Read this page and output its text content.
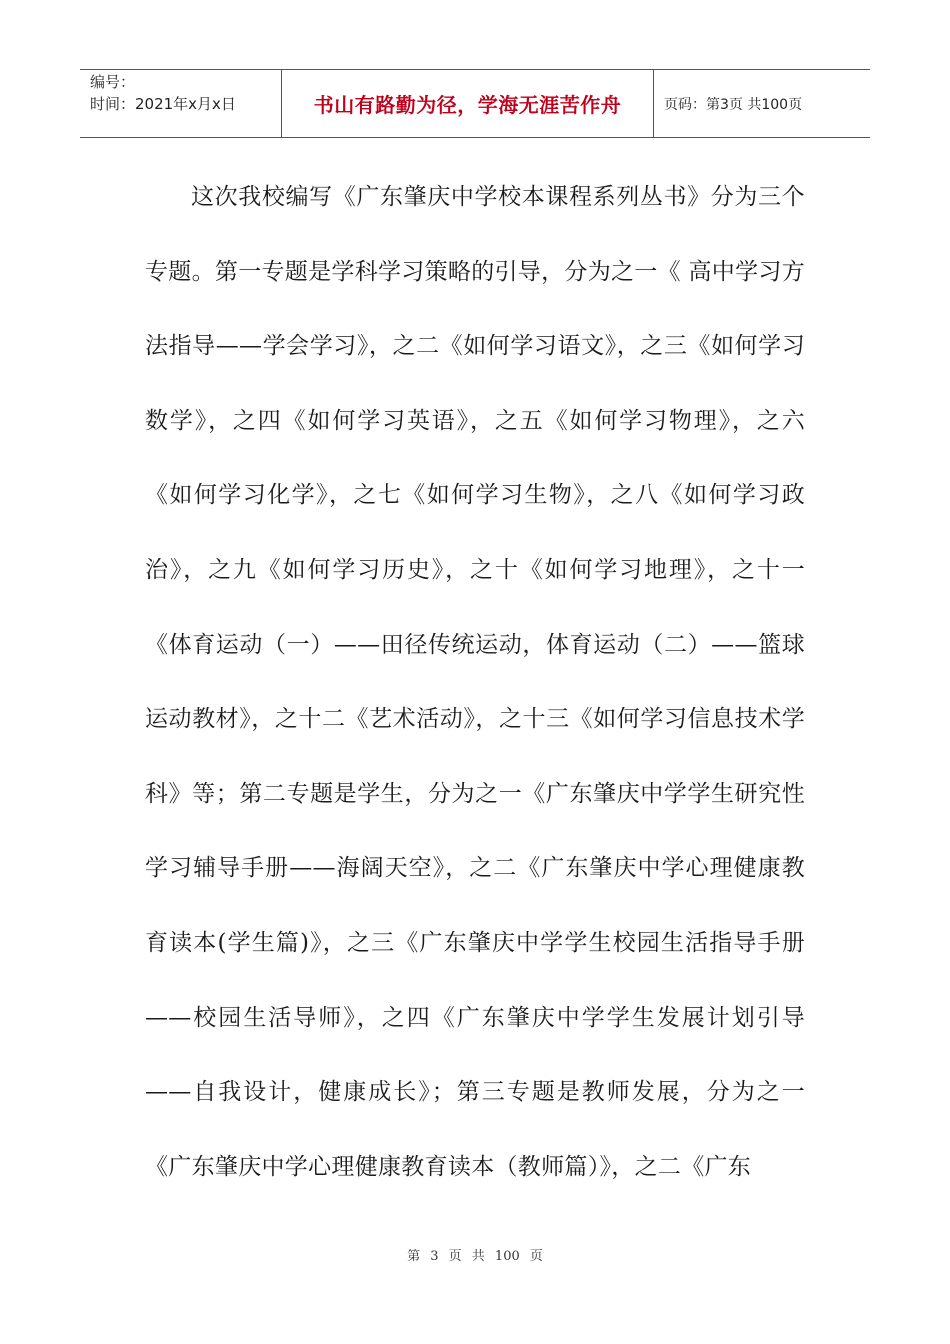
编号：
时间：2021年x月x日	书山有路勤为径，学海无涯苦作舟	页码：第3页 共100页

这次我校编写《广东肇庆中学校本课程系列丛书》分为三个专题。第一专题是学科学习策略的引导，分为之一《 高中学习方法指导——学会学习》，之二《如何学习语文》，之三《如何学习数学》，之四《如何学习英语》，之五《如何学习物理》，之六《如何学习化学》，之七《如何学习生物》，之八《如何学习政治》，之九《如何学习历史》，之十《如何学习地理》，之十一《体育运动（一）——田径传统运动，体育运动（二）——篮球运动教材》，之十二《艺术活动》，之十三《如何学习信息技术学科》等；第二专题是学生，分为之一《广东肇庆中学学生研究性学习辅导手册——海阔天空》，之二《广东肇庆中学心理健康教育读本(学生篇)》，之三《广东肇庆中学学生校园生活指导手册——校园生活导师》，之四《广东肇庆中学学生发展计划引导——自我设计，健康成长》；第三专题是教师发展，分为之一《广东肇庆中学心理健康教育读本（教师篇）》，之二《广东

第 3 页 共 100 页
